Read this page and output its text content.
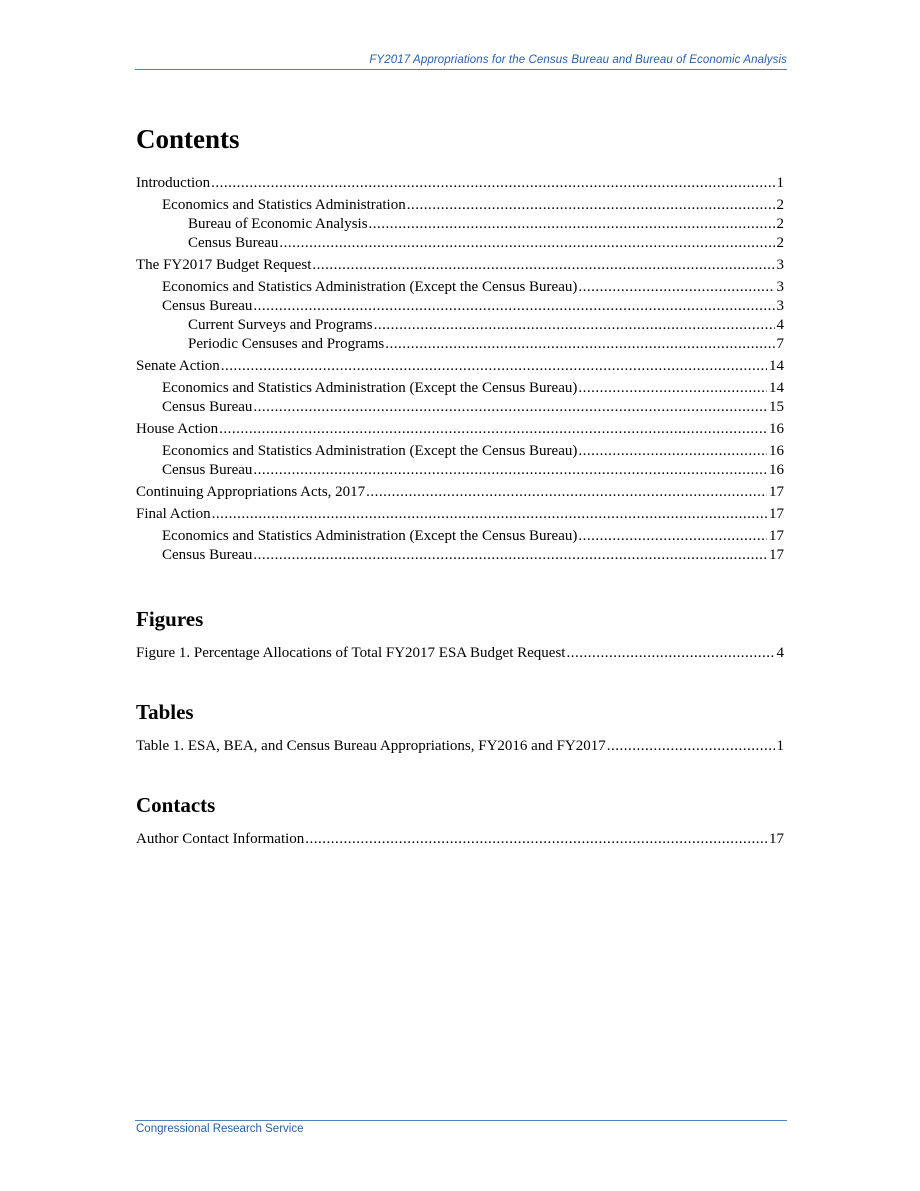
FY2017 Appropriations for the Census Bureau and Bureau of Economic Analysis
Contents
Introduction .....	1
Economics and Statistics Administration .....	2
Bureau of Economic Analysis .....	2
Census Bureau .....	2
The FY2017 Budget Request .....	3
Economics and Statistics Administration (Except the Census Bureau) .....	3
Census Bureau .....	3
Current Surveys and Programs .....	4
Periodic Censuses and Programs .....	7
Senate Action .....	14
Economics and Statistics Administration (Except the Census Bureau) .....	14
Census Bureau .....	15
House Action .....	16
Economics and Statistics Administration (Except the Census Bureau) .....	16
Census Bureau .....	16
Continuing Appropriations Acts, 2017 .....	17
Final Action .....	17
Economics and Statistics Administration (Except the Census Bureau) .....	17
Census Bureau .....	17
Figures
Figure 1. Percentage Allocations of Total FY2017 ESA Budget Request .....	4
Tables
Table 1. ESA, BEA, and Census Bureau Appropriations, FY2016 and FY2017 .....	1
Contacts
Author Contact Information .....	17
Congressional Research Service
